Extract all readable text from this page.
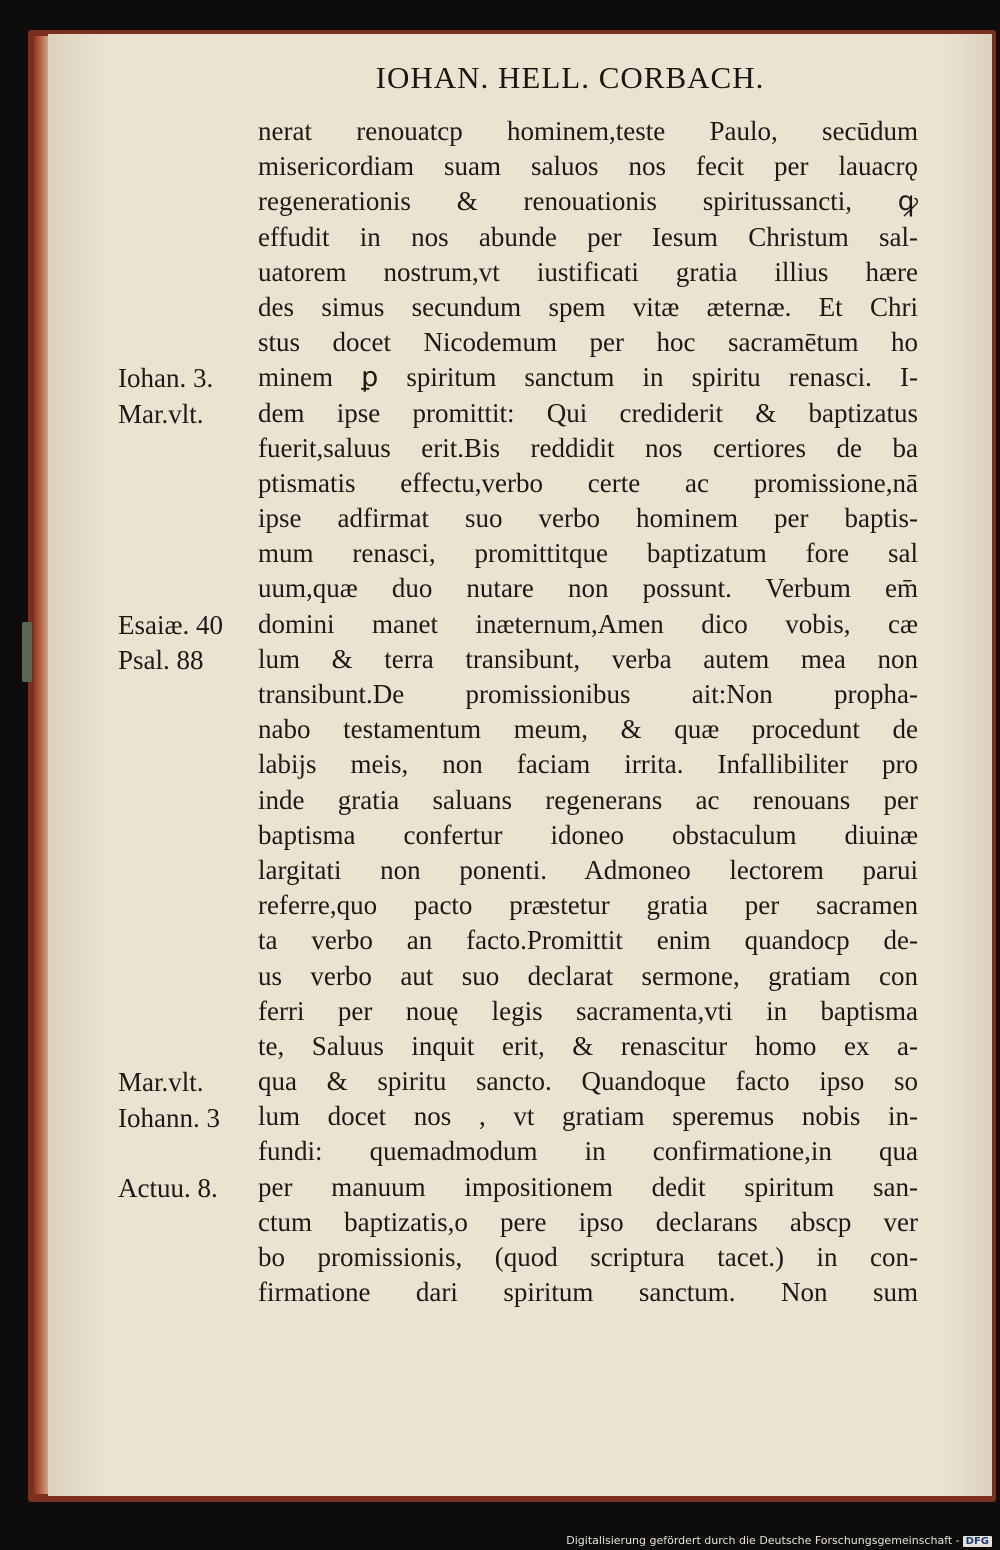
IOHAN. HELL. CORBACH.
nerat renouatcp hominem,teste Paulo, secūdum
misericordiam suam saluos nos fecit per lauacrǫ
regenerationis & renouationis spiritussancti, ꝙ
effudit in nos abunde per Iesum Christum sal-
uatorem nostrum,vt iustificati gratia illius hære
des simus secundum spem vitæ æternæ. Et Chri
stus docet Nicodemum per hoc sacramētum ho
minem ꝑ spiritum sanctum in spiritu renasci. I-
dem ipse promittit: Qui crediderit & baptizatus
fuerit,saluus erit.Bis reddidit nos certiores de ba
ptismatis effectu,verbo certe ac promissione,nā
ipse adfirmat suo verbo hominem per baptis-
mum renasci, promittitque baptizatum fore sal
uum,quæ duo nutare non possunt. Verbum em̄
domini manet inæternum,Amen dico vobis, cæ
lum & terra transibunt, verba autem mea non
transibunt.De promissionibus ait:Non propha-
nabo testamentum meum, & quæ procedunt de
labijs meis, non faciam irrita. Infallibiliter pro
inde gratia saluans regenerans ac renouans per
baptisma confertur idoneo obstaculum diuinæ
largitati non ponenti. Admoneo lectorem parui
referre,quo pacto præstetur gratia per sacramen
ta verbo an facto.Promittit enim quandocp de-
us verbo aut suo declarat sermone, gratiam con
ferri per nouę legis sacramenta,vti in baptisma
te, Saluus inquit erit, & renascitur homo ex a-
qua & spiritu sancto. Quandoque facto ipso so
lum docet nos , vt gratiam speremus nobis in-
fundi: quemadmodum in confirmatione,in qua
per manuum impositionem dedit spiritum san-
ctum baptizatis,o pere ipso declarans abscp ver
bo promissionis, (quod scriptura tacet.) in con-
firmatione dari spiritum sanctum. Non sum
Iohan. 3.
Mar.vlt.
Esaiæ. 40
Psal. 88
Mar.vlt.
Iohann. 3
Actuu. 8.
Digitalisierung gefördert durch die Deutsche Forschungsgemeinschaft - DFG
